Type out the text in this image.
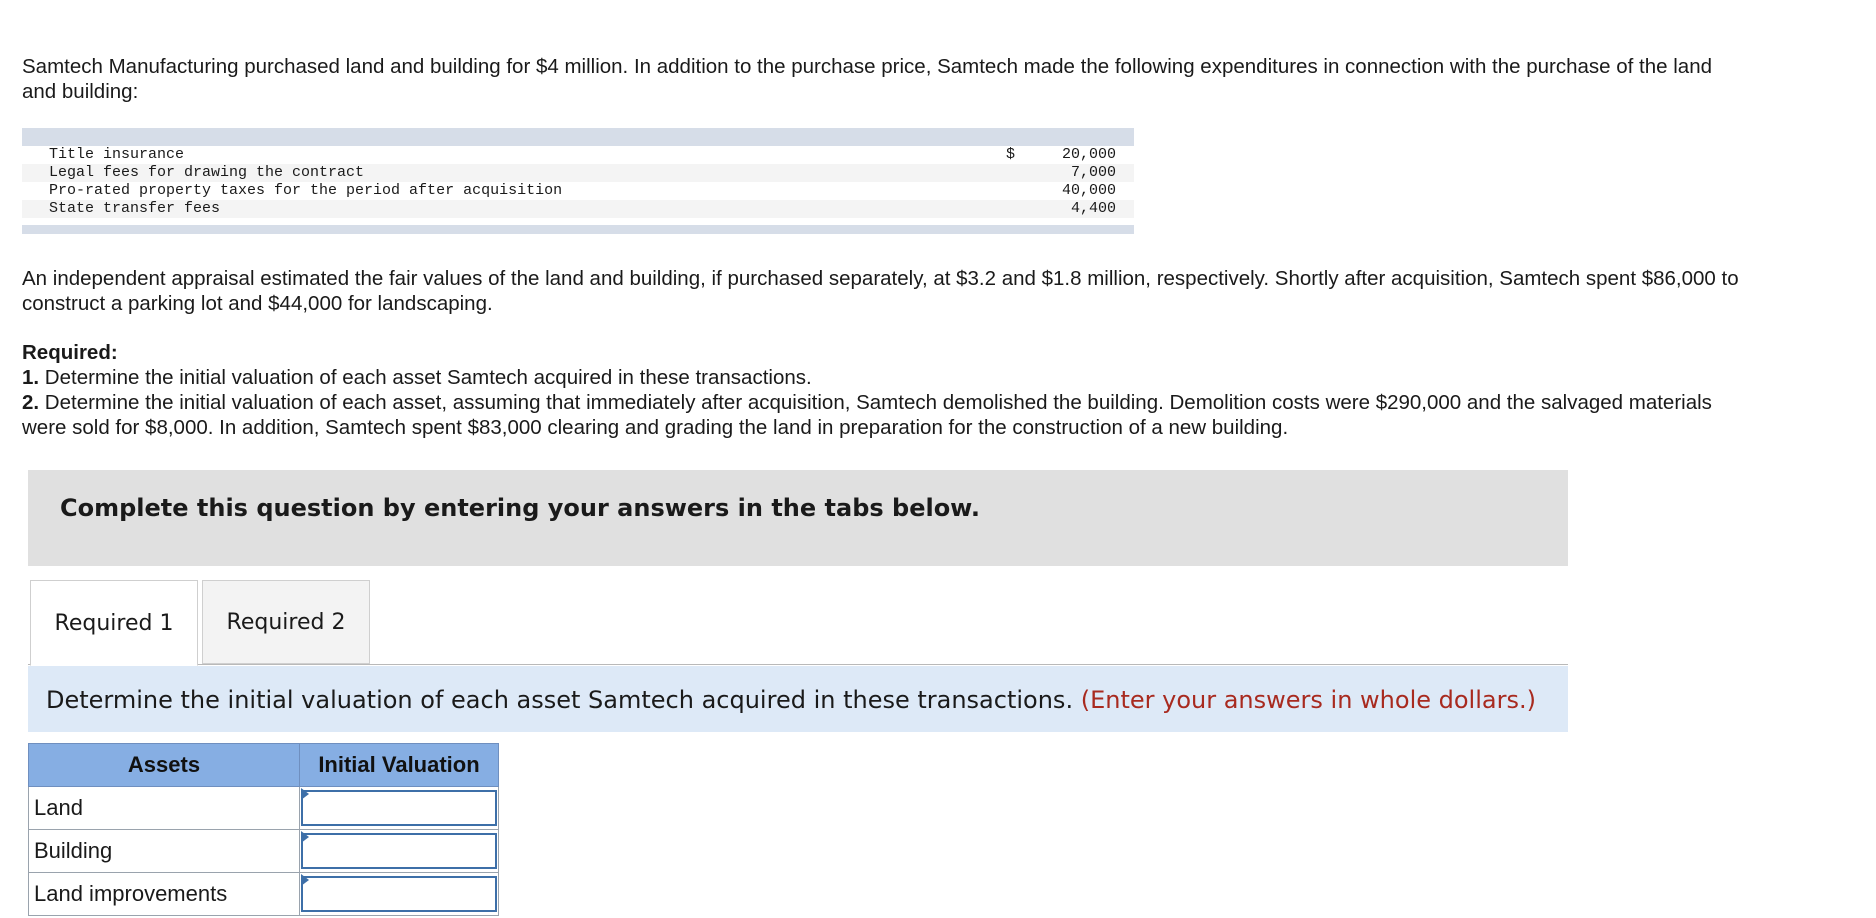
Samtech Manufacturing purchased land and building for $4 million. In addition to the purchase price, Samtech made the following expenditures in connection with the purchase of the land and building:

Title insurance	$	20,000
Legal fees for drawing the contract		7,000
Pro-rated property taxes for the period after acquisition		40,000
State transfer fees		4,400

An independent appraisal estimated the fair values of the land and building, if purchased separately, at $3.2 and $1.8 million, respectively. Shortly after acquisition, Samtech spent $86,000 to construct a parking lot and $44,000 for landscaping.

Required:
1. Determine the initial valuation of each asset Samtech acquired in these transactions.
2. Determine the initial valuation of each asset, assuming that immediately after acquisition, Samtech demolished the building. Demolition costs were $290,000 and the salvaged materials were sold for $8,000. In addition, Samtech spent $83,000 clearing and grading the land in preparation for the construction of a new building.

Complete this question by entering your answers in the tabs below.

Required 1	Required 2

Determine the initial valuation of each asset Samtech acquired in these transactions. (Enter your answers in whole dollars.)

Assets	Initial Valuation
Land	

Building	

Land improvements	
